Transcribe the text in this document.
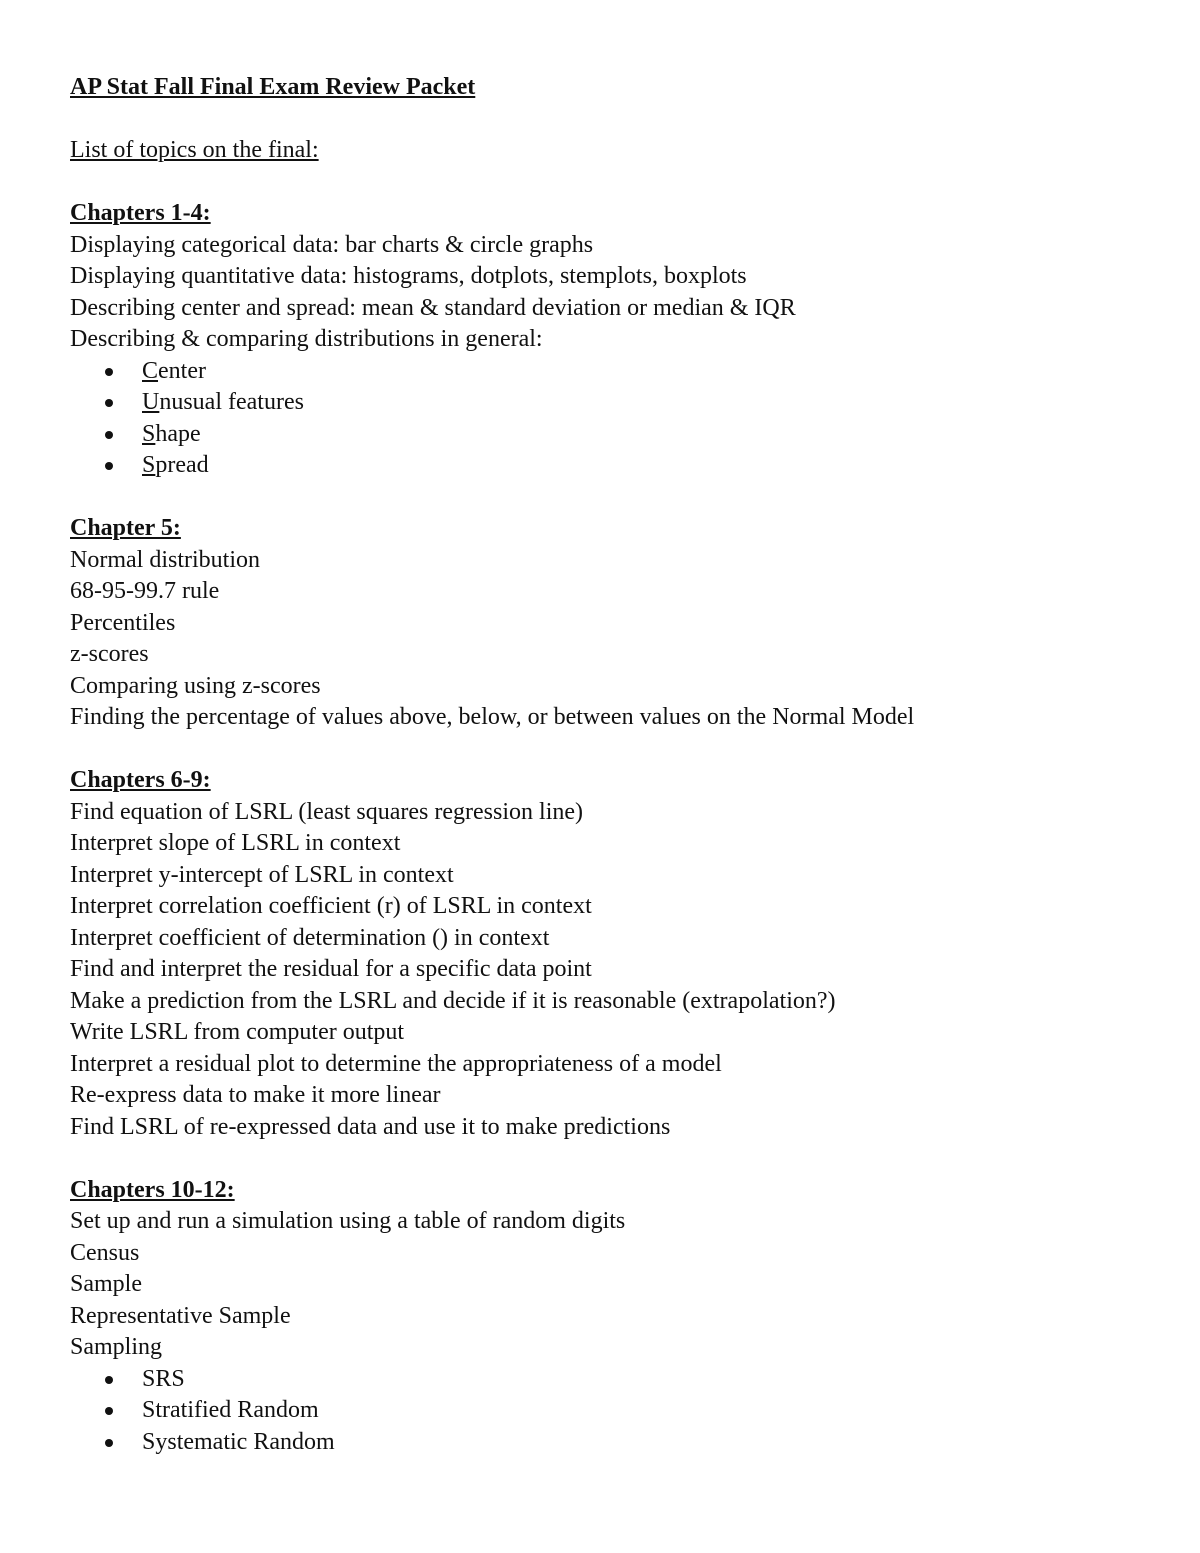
AP Stat Fall Final Exam Review Packet
List of topics on the final:
Chapters 1-4:
Displaying categorical data: bar charts & circle graphs
Displaying quantitative data: histograms, dotplots, stemplots, boxplots
Describing center and spread: mean & standard deviation or median & IQR
Describing & comparing distributions in general:
Center
Unusual features
Shape
Spread
Chapter 5:
Normal distribution
68-95-99.7 rule
Percentiles
z-scores
Comparing using z-scores
Finding the percentage of values above, below, or between values on the Normal Model
Chapters 6-9:
Find equation of LSRL (least squares regression line)
Interpret slope of LSRL in context
Interpret y-intercept of LSRL in context
Interpret correlation coefficient (r) of LSRL in context
Interpret coefficient of determination () in context
Find and interpret the residual for a specific data point
Make a prediction from the LSRL and decide if it is reasonable (extrapolation?)
Write LSRL from computer output
Interpret a residual plot to determine the appropriateness of a model
Re-express data to make it more linear
Find LSRL of re-expressed data and use it to make predictions
Chapters 10-12:
Set up and run a simulation using a table of random digits
Census
Sample
Representative Sample
Sampling
SRS
Stratified Random
Systematic Random
